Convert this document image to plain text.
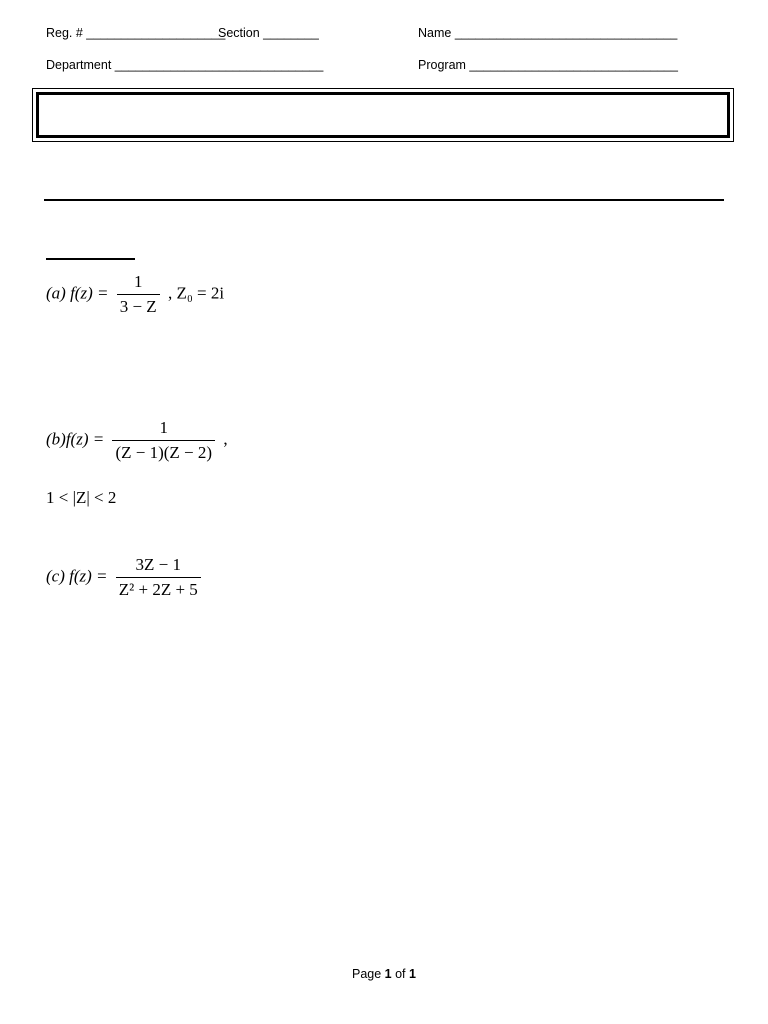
Reg. # ____________________
Section ________	Name ________________________________
Department ______________________________	Program ______________________________
(a) $f(z) = \frac{1}{3 - Z}$ , Z₀ = 2i
$(b)f(z) = \frac{1}{(Z - 1)(Z - 2)}$ ,
1 < |Z| < 2
(c) $f(z) = \frac{3Z - 1}{\text{Z² + 2Z + 5}}$
Page 1 of 1
